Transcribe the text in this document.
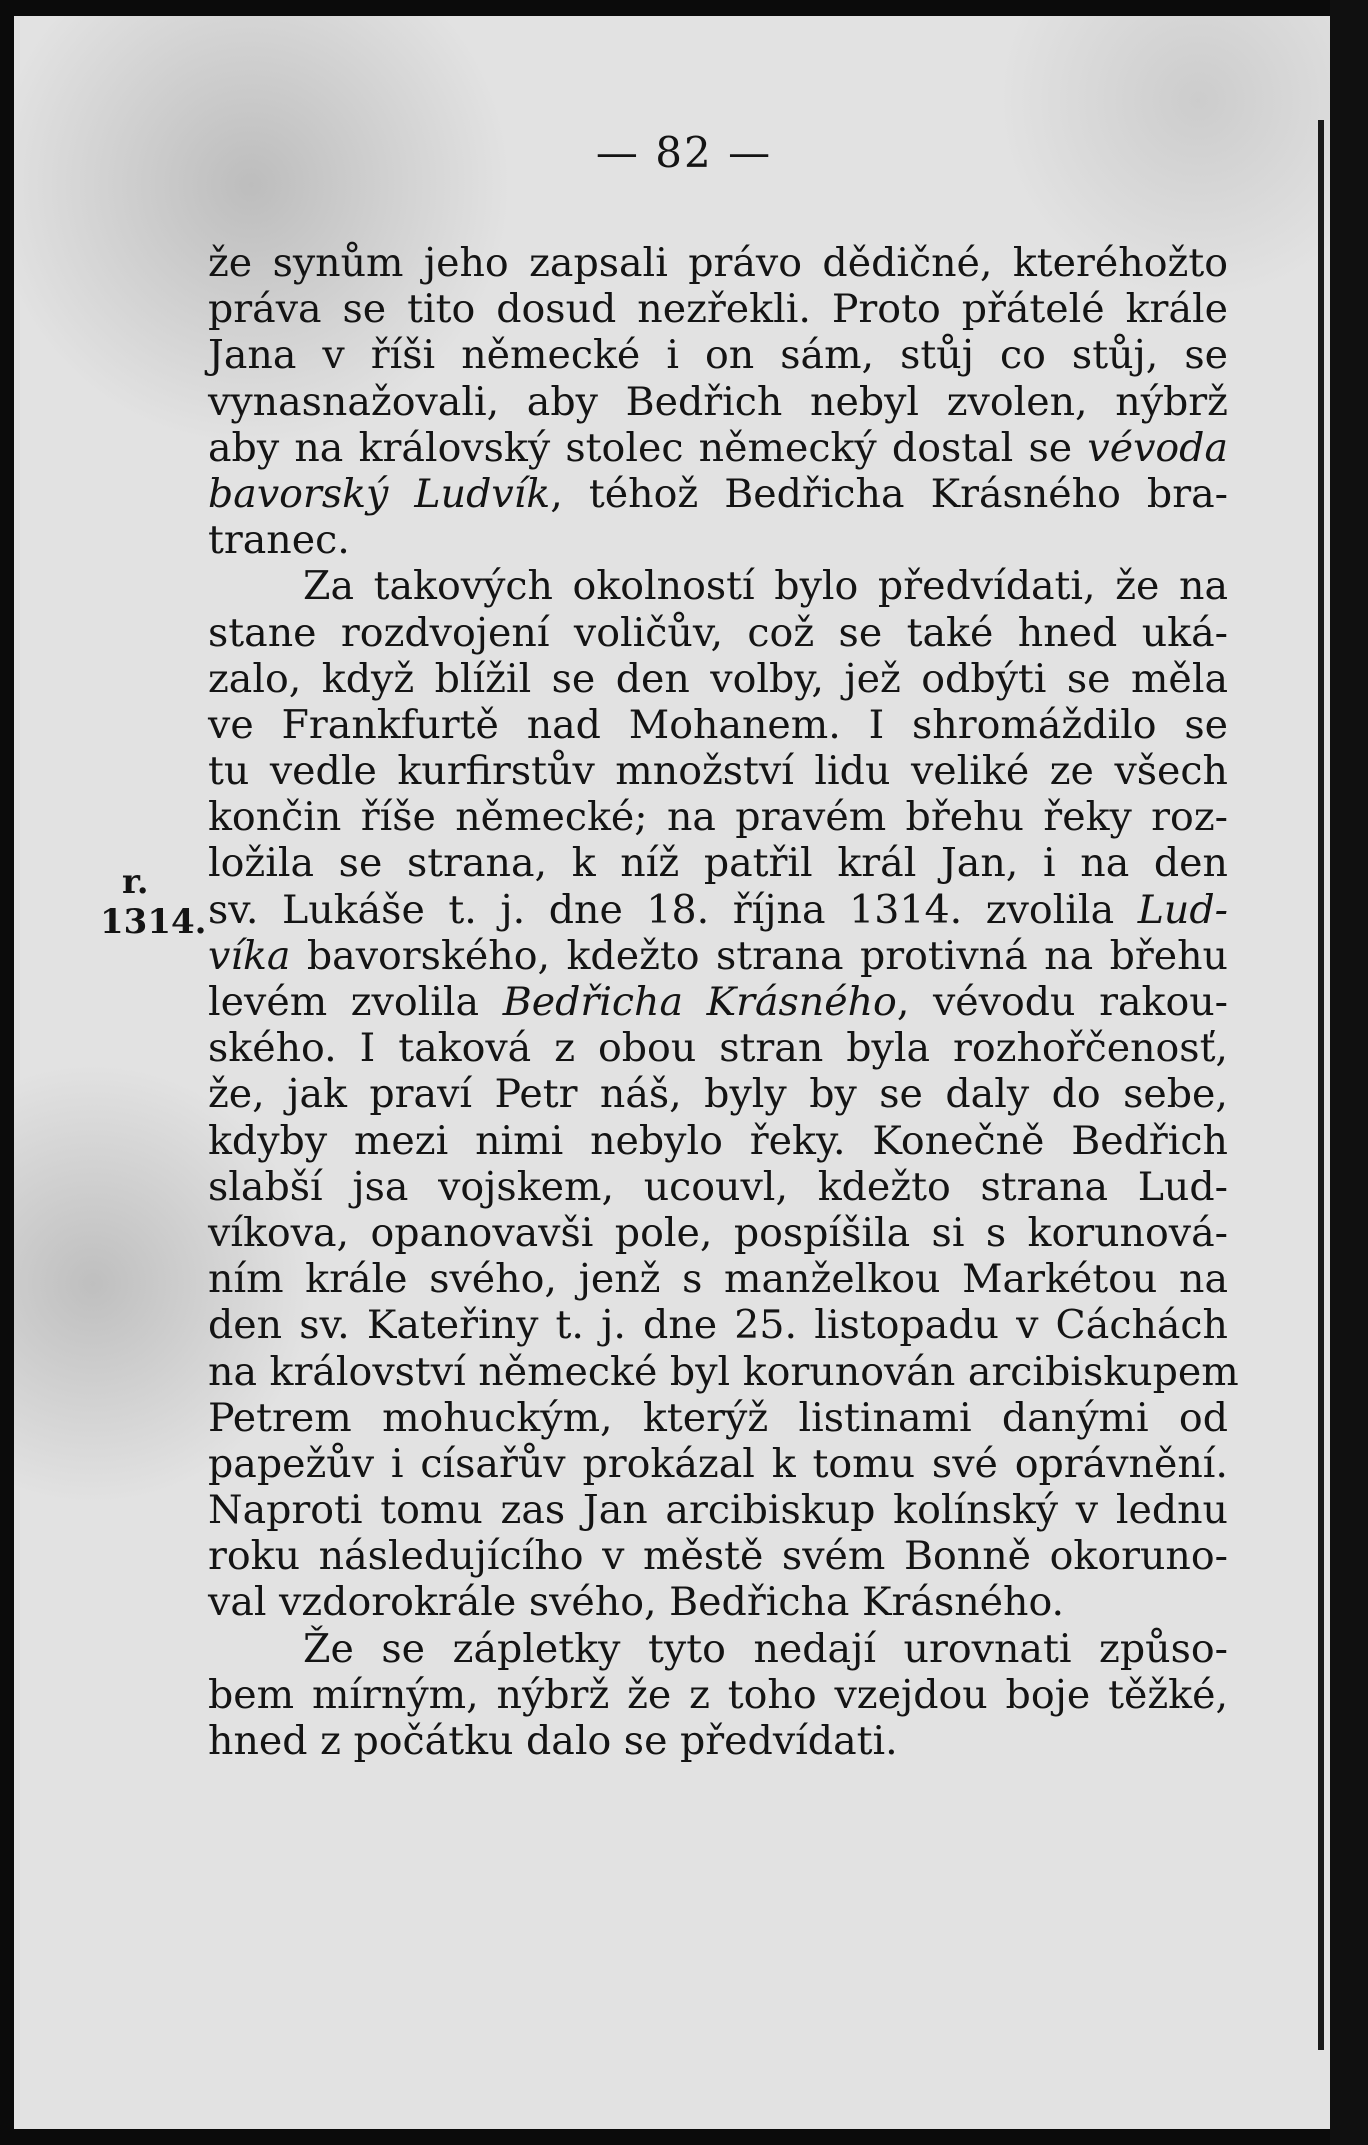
— 82 —
r.
1314.
že synům jeho zapsali právo dědičné, kteréhožto
práva se tito dosud nezřekli. Proto přátelé krále
Jana v říši německé i on sám, stůj co stůj, se
vynasnažovali, aby Bedřich nebyl zvolen, nýbrž
aby na královský stolec německý dostal se vévoda
bavorský Ludvík, téhož Bedřicha Krásného bra-
tranec.
Za takových okolností bylo předvídati, že na
stane rozdvojení voličův, což se také hned uká-
zalo, když blížil se den volby, jež odbýti se měla
ve Frankfurtě nad Mohanem. I shromáždilo se
tu vedle kurfirstův množství lidu veliké ze všech
končin říše německé; na pravém břehu řeky roz-
ložila se strana, k níž patřil král Jan, i na den
sv. Lukáše t. j. dne 18. října 1314. zvolila Lud-
víka bavorského, kdežto strana protivná na břehu
levém zvolila Bedřicha Krásného, vévodu rakou-
ského. I taková z obou stran byla rozhořčenosť,
že, jak praví Petr náš, byly by se daly do sebe,
kdyby mezi nimi nebylo řeky. Konečně Bedřich
slabší jsa vojskem, ucouvl, kdežto strana Lud-
víkova, opanovavši pole, pospíšila si s korunová-
ním krále svého, jenž s manželkou Markétou na
den sv. Kateřiny t. j. dne 25. listopadu v Cáchách
na království německé byl korunován arcibiskupem
Petrem mohuckým, kterýž listinami danými od
papežův i císařův prokázal k tomu své oprávnění.
Naproti tomu zas Jan arcibiskup kolínský v lednu
roku následujícího v městě svém Bonně okoruno-
val vzdorokrále svého, Bedřicha Krásného.
Že se zápletky tyto nedají urovnati způso-
bem mírným, nýbrž že z toho vzejdou boje těžké,
hned z počátku dalo se předvídati.
